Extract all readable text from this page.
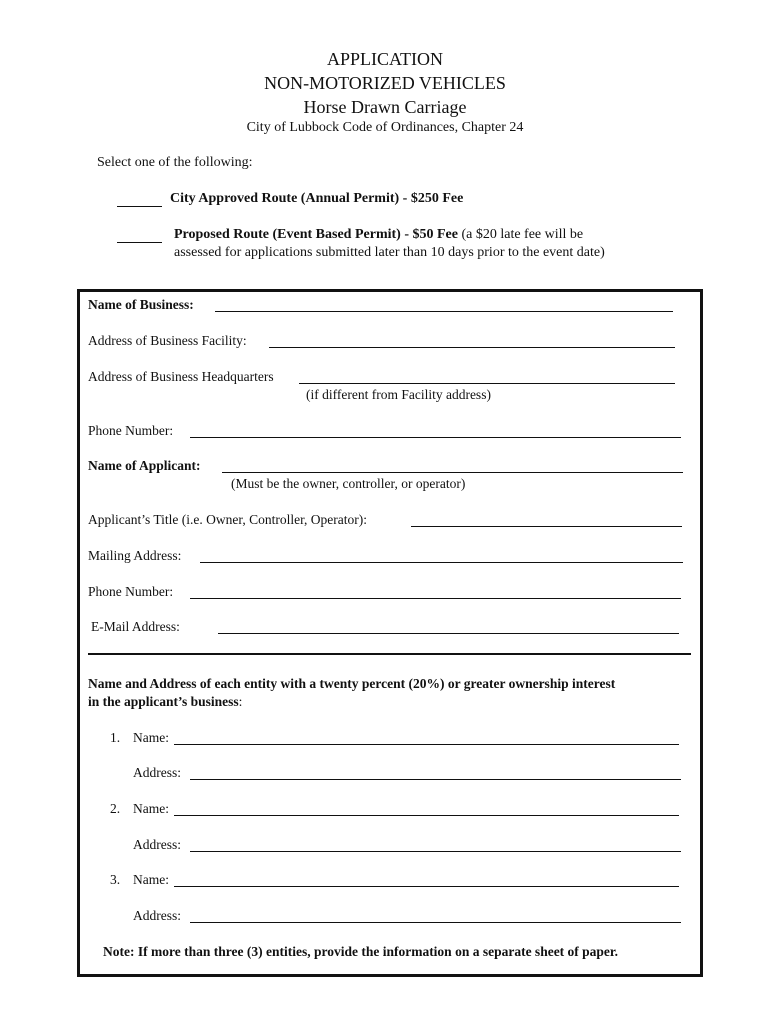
APPLICATION
NON-MOTORIZED VEHICLES
Horse Drawn Carriage
City of Lubbock Code of Ordinances, Chapter 24
Select one of the following:
City Approved Route (Annual Permit) - $250 Fee
Proposed Route (Event Based Permit) - $50 Fee (a $20 late fee will be
assessed for applications submitted later than 10 days prior to the event date)
Name of Business:
Address of Business Facility:
Address of Business Headquarters
(if different from Facility address)
Phone Number:
Name of Applicant:
(Must be the owner, controller, or operator)
Applicant’s Title (i.e. Owner, Controller, Operator):
Mailing Address:
Phone Number:
E-Mail Address:
Name and Address of each entity with a twenty percent (20%) or greater ownership interest
in the applicant’s business:
1. Name:
Address:
2. Name:
Address:
3. Name:
Address:
Note: If more than three (3) entities, provide the information on a separate sheet of paper.
